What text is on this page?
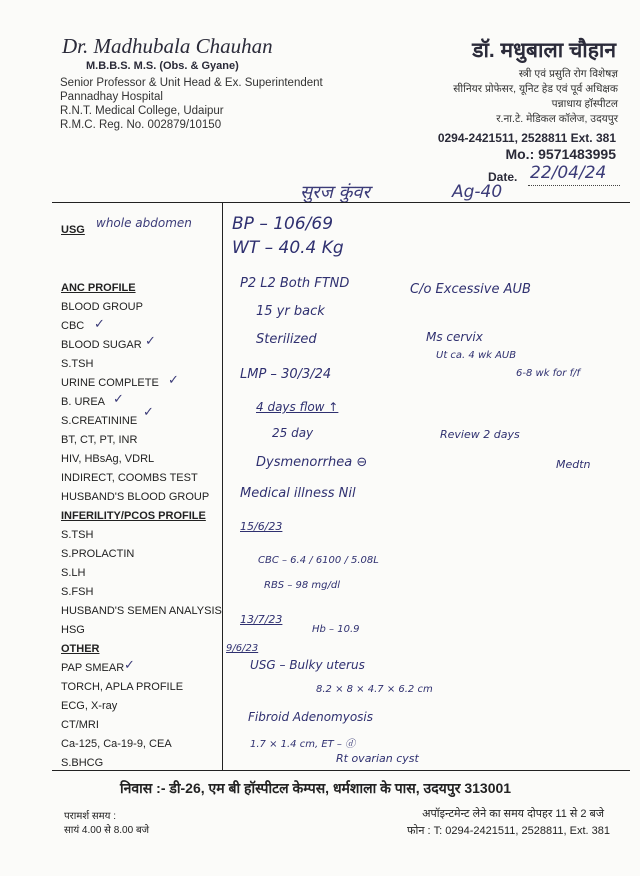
Dr. Madhubala Chauhan
M.B.B.S. M.S. (Obs. & Gyane)
Senior Professor & Unit Head & Ex. Superintendent
Pannadhay Hospital
R.N.T. Medical College, Udaipur
R.M.C. Reg. No. 002879/10150
डॉ. मधुबाला चौहान
स्त्री एवं प्रसुति रोग विशेषज्ञ
सीनियर प्रोफेसर, यूनिट हेड एवं पूर्व अधिक्षक
पन्नाधाय हॉस्पीटल
र.ना.टे. मेडिकल कॉलेज, उदयपुर
0294-2421511, 2528811 Ext. 381
Mo.: 9571483995
Date. 22/04/24
सुरज कुंवर	Ag-40
USG whole abdomen
ANC PROFILE
BLOOD GROUP
CBC
BLOOD SUGAR
S.TSH
URINE COMPLETE
B. UREA
S.CREATININE
BT, CT, PT, INR
HIV, HBsAg, VDRL
INDIRECT, COOMBS TEST
HUSBAND'S BLOOD GROUP
✓
✓
✓
✓
✓
✓
INFERILITY/PCOS PROFILE
S.TSH
S.PROLACTIN
S.LH
S.FSH
HUSBAND'S SEMEN ANALYSIS
HSG
OTHER
PAP SMEAR
TORCH, APLA PROFILE
ECG, X-ray
CT/MRI
Ca-125, Ca-19-9, CEA
S.BHCG
BP – 106/69
WT – 40.4 Kg
P2 L2 Both FTND	C/o Excessive AUB
15 yr back
Sterilized
LMP – 30/3/24
4 days flow ↑
25 day
Dysmenorrhea ⊖
Medical illness Nil
15/6/23
CBC – 6.4 / 6100 / 5.08L
RBS – 98 mg/dl
13/7/23
Hb – 10.9
9/6/23
USG – Bulky uterus
8.2 × 8 × 4.7 × 6.2 cm
Fibroid Adenomyosis
1.7 × 1.4 cm, ET – ⓓ
Rt ovarian cyst
Ms cervix
Ut ca. 4 wk AUB
6-8 wk for f/f
Review 2 days
Medtn
निवास :- डी-26, एम बी हॉस्पीटल केम्पस, धर्मशाला के पास, उदयपुर 313001
परामर्श समय :
सायं 4.00 से 8.00 बजे
अपॉइन्टमेन्ट लेने का समय दोपहर 11 से 2 बजे
फोन : T: 0294-2421511, 2528811, Ext. 381
